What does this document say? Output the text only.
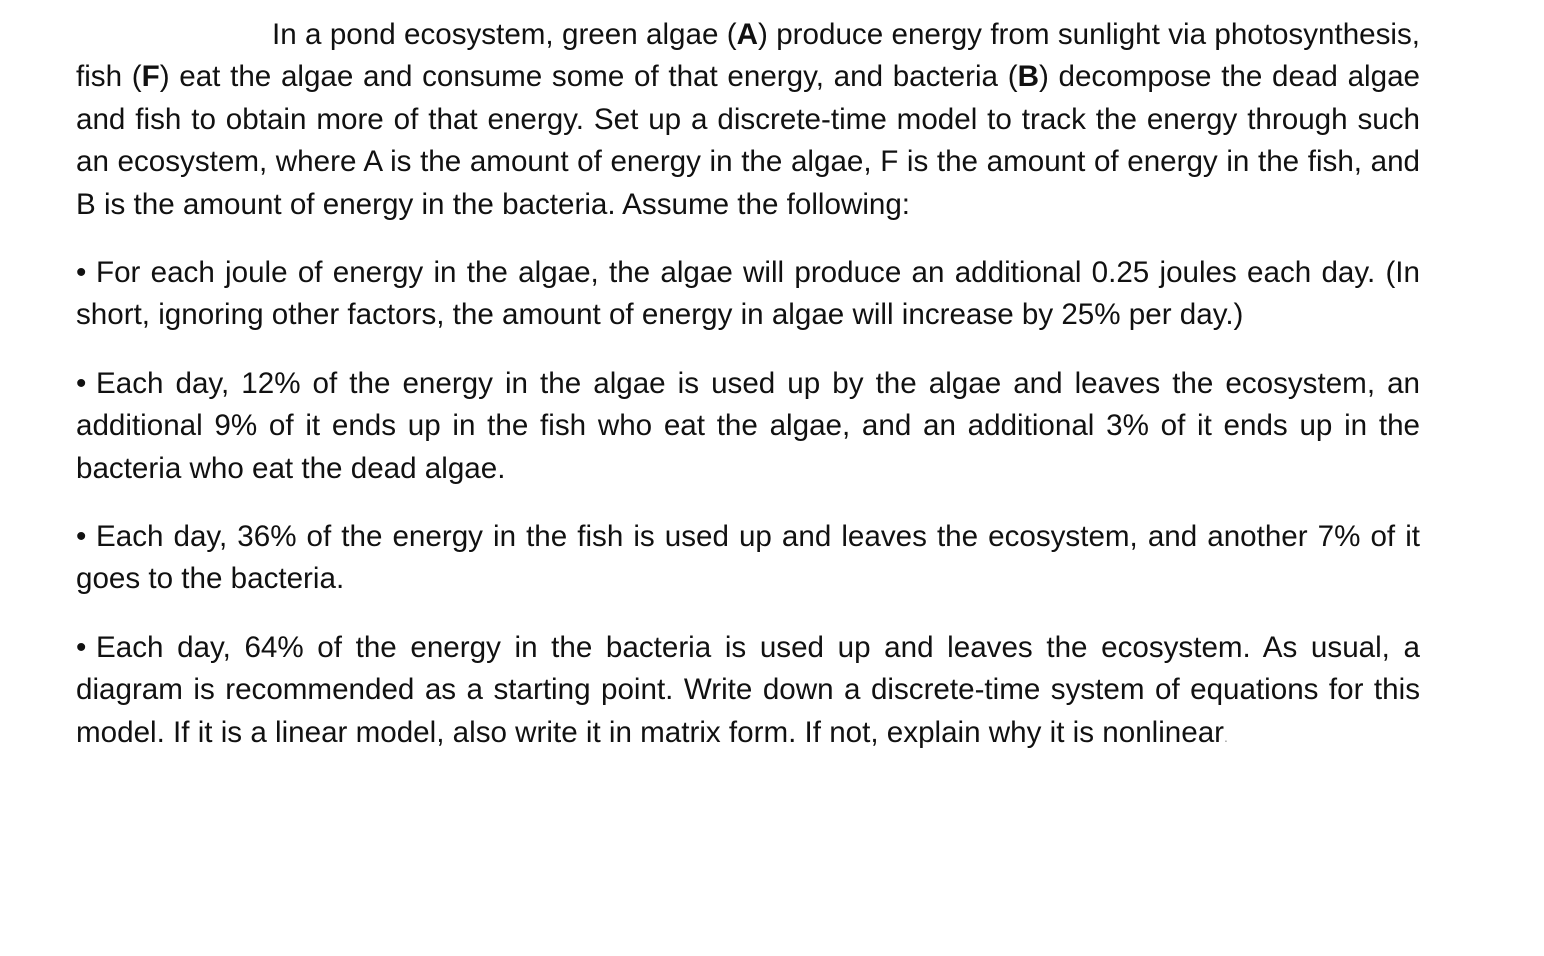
In a pond ecosystem, green algae (A) produce energy from sunlight via photosynthesis, fish (F) eat the algae and consume some of that energy, and bacteria (B) decompose the dead algae and fish to obtain more of that energy. Set up a discrete-time model to track the energy through such an ecosystem, where A is the amount of energy in the algae, F is the amount of energy in the fish, and B is the amount of energy in the bacteria. Assume the following:

• For each joule of energy in the algae, the algae will produce an additional 0.25 joules each day. (In short, ignoring other factors, the amount of energy in algae will increase by 25% per day.)

• Each day, 12% of the energy in the algae is used up by the algae and leaves the ecosystem, an additional 9% of it ends up in the fish who eat the algae, and an additional 3% of it ends up in the bacteria who eat the dead algae.

• Each day, 36% of the energy in the fish is used up and leaves the ecosystem, and another 7% of it goes to the bacteria.

• Each day, 64% of the energy in the bacteria is used up and leaves the ecosystem. As usual, a diagram is recommended as a starting point. Write down a discrete-time system of equations for this model. If it is a linear model, also write it in matrix form. If not, explain why it is nonlinear.
